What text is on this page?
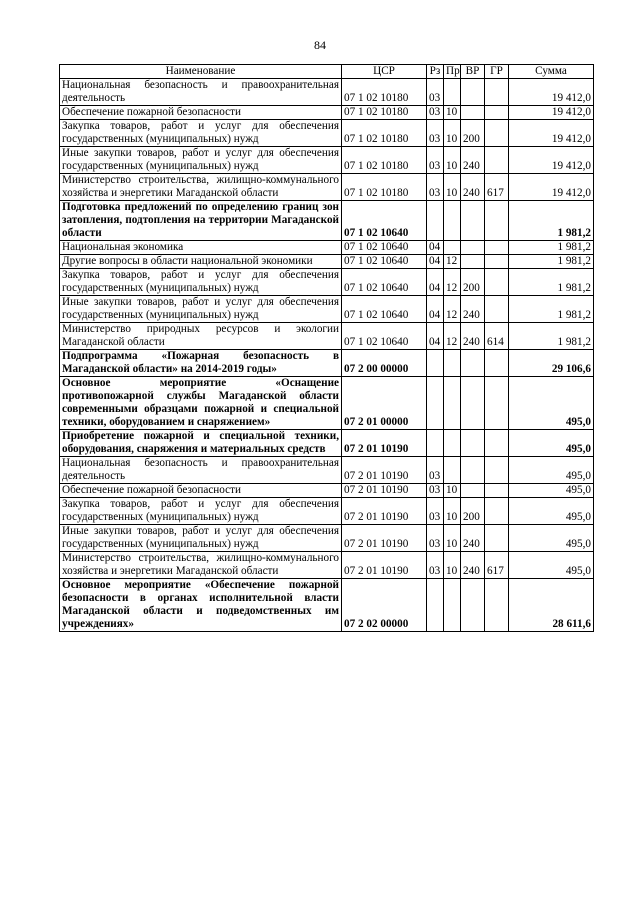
84
Наименование	ЦСР	Рз	Пр	ВР	ГР	Сумма
Национальная безопасность и правоохранительная деятельность	07 1 02 10180	03				19 412,0
Обеспечение пожарной безопасности	07 1 02 10180	03	10			19 412,0
Закупка товаров, работ и услуг для обеспечения государственных (муниципальных) нужд	07 1 02 10180	03	10	200		19 412,0
Иные закупки товаров, работ и услуг для обеспечения государственных (муниципальных) нужд	07 1 02 10180	03	10	240		19 412,0
Министерство строительства, жилищно-коммунального хозяйства и энергетики Магаданской области	07 1 02 10180	03	10	240	617	19 412,0
Подготовка предложений по определению границ зон затопления, подтопления на территории Магаданской области	07 1 02 10640					1 981,2
Национальная экономика	07 1 02 10640	04				1 981,2
Другие вопросы в области национальной экономики	07 1 02 10640	04	12			1 981,2
Закупка товаров, работ и услуг для обеспечения государственных (муниципальных) нужд	07 1 02 10640	04	12	200		1 981,2
Иные закупки товаров, работ и услуг для обеспечения государственных (муниципальных) нужд	07 1 02 10640	04	12	240		1 981,2
Министерство природных ресурсов и экологии Магаданской области	07 1 02 10640	04	12	240	614	1 981,2
Подпрограмма «Пожарная безопасность в Магаданской области» на 2014-2019 годы»	07 2 00 00000					29 106,6
Основное мероприятие «Оснащение противопожарной службы Магаданской области современными образцами пожарной и специальной техники, оборудованием и снаряжением»	07 2 01 00000					495,0
Приобретение пожарной и специальной техники, оборудования, снаряжения и материальных средств	07 2 01 10190					495,0
Национальная безопасность и правоохранительная деятельность	07 2 01 10190	03				495,0
Обеспечение пожарной безопасности	07 2 01 10190	03	10			495,0
Закупка товаров, работ и услуг для обеспечения государственных (муниципальных) нужд	07 2 01 10190	03	10	200		495,0
Иные закупки товаров, работ и услуг для обеспечения государственных (муниципальных) нужд	07 2 01 10190	03	10	240		495,0
Министерство строительства, жилищно-коммунального хозяйства и энергетики Магаданской области	07 2 01 10190	03	10	240	617	495,0
Основное мероприятие «Обеспечение пожарной безопасности в органах исполнительной власти Магаданской области и подведомственных им учреждениях»	07 2 02 00000					28 611,6
